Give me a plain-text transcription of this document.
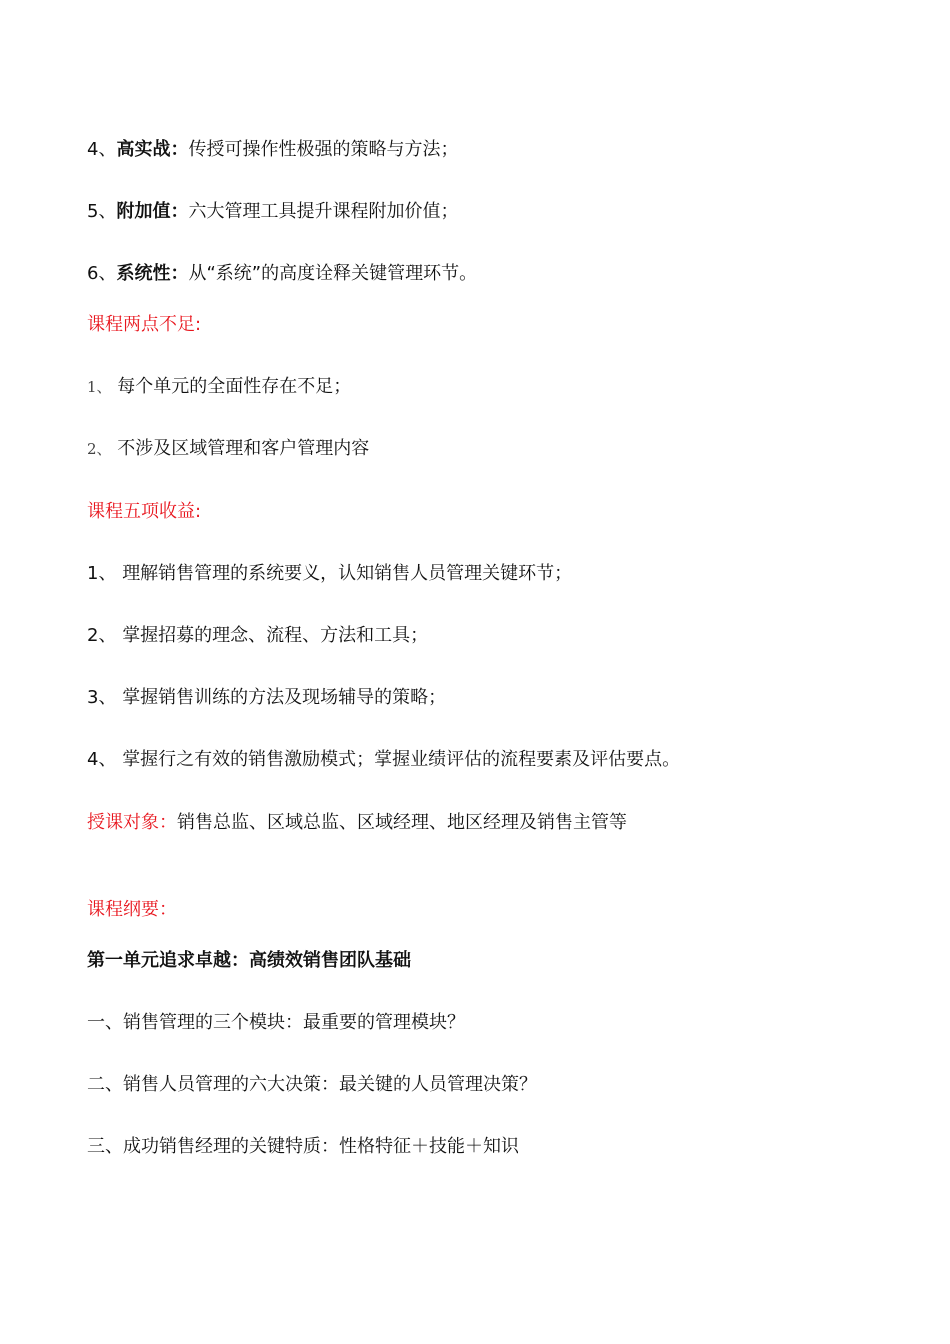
4、高实战：传授可操作性极强的策略与方法；
5、附加值：六大管理工具提升课程附加价值；
6、系统性：从“系统”的高度诠释关键管理环节。
课程两点不足:
1、 每个单元的全面性存在不足；
2、 不涉及区域管理和客户管理内容
课程五项收益:
1、 理解销售管理的系统要义，认知销售人员管理关键环节；
2、 掌握招募的理念、流程、方法和工具；
3、 掌握销售训练的方法及现场辅导的策略；
4、 掌握行之有效的销售激励模式；掌握业绩评估的流程要素及评估要点。
授课对象：销售总监、区域总监、区域经理、地区经理及销售主管等
课程纲要：
第一单元追求卓越：高绩效销售团队基础
一、销售管理的三个模块：最重要的管理模块？
二、销售人员管理的六大决策：最关键的人员管理决策？
三、成功销售经理的关键特质：性格特征＋技能＋知识
